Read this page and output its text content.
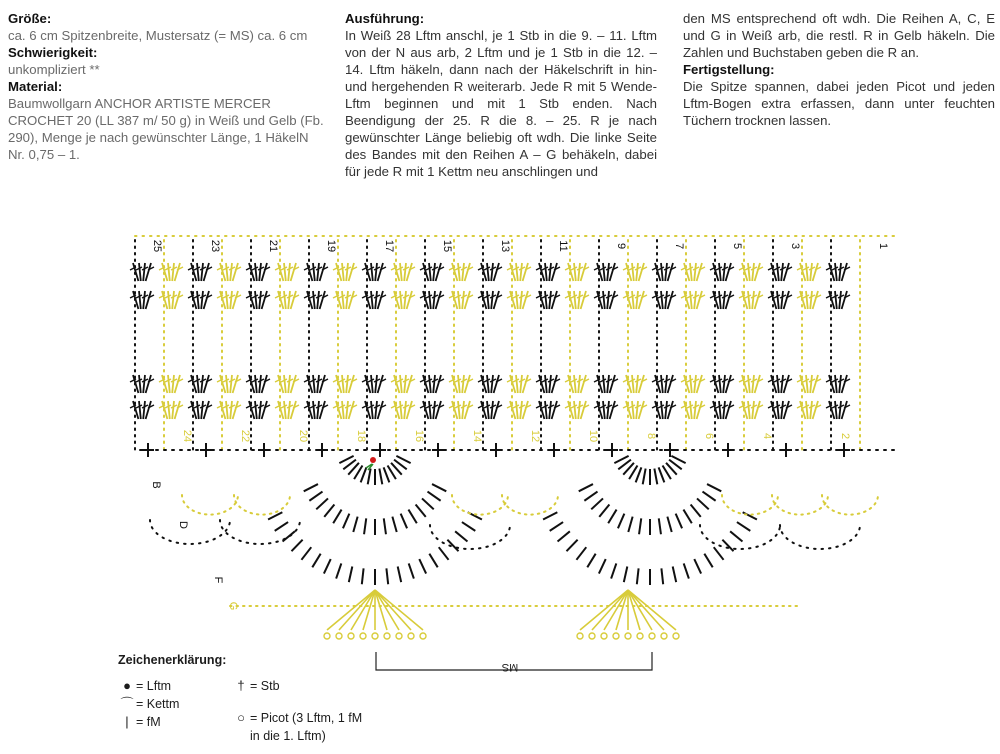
Größe:

ca. 6 cm Spitzenbreite, Mustersatz (= MS) ca. 6 cm

Schwierigkeit:

unkompliziert **

Material:

Baumwollgarn ANCHOR ARTISTE MERCER CROCHET 20 (LL 387 m/ 50 g) in Weiß und Gelb (Fb. 290), Menge je nach gewünschter Länge, 1 HäkelN Nr. 0,75 – 1.

Ausführung:

In Weiß 28 Lftm anschl, je 1 Stb in die 9. – 11. Lftm von der N aus arb, 2 Lftm und je 1 Stb in die 12. – 14. Lftm häkeln, dann nach der Häkelschrift in hin- und hergehenden R weiterarb. Jede R mit 5 Wende-Lftm beginnen und mit 1 Stb enden. Nach Beendigung der 25. R die 8. – 25. R je nach gewünschter Länge beliebig oft wdh. Die linke Seite des Bandes mit den Reihen A – G behäkeln, dabei für jede R mit 1 Kettm neu anschlingen und

den MS entsprechend oft wdh. Die Reihen A, C, E und G in Weiß arb, die restl. R in Gelb häkeln. Die Zahlen und Buchstaben geben die R an.

Fertigstellung:

Die Spitze spannen, dabei jeden Picot und jeden Lftm-Bogen extra erfassen, dann unter feuchten Tüchern trocknen lassen.

25	23	21	19	17	15	13	11	9	7	5	3	1
24	22	20	18	16	14	12	10	8	6	4	2
B
D
F
G
MS
Zeichenerklärung:
● = Lftm
⌒ = Kettm
| = fM
† = Stb
○ = Picot (3 Lftm, 1 fM
in die 1. Lftm)
